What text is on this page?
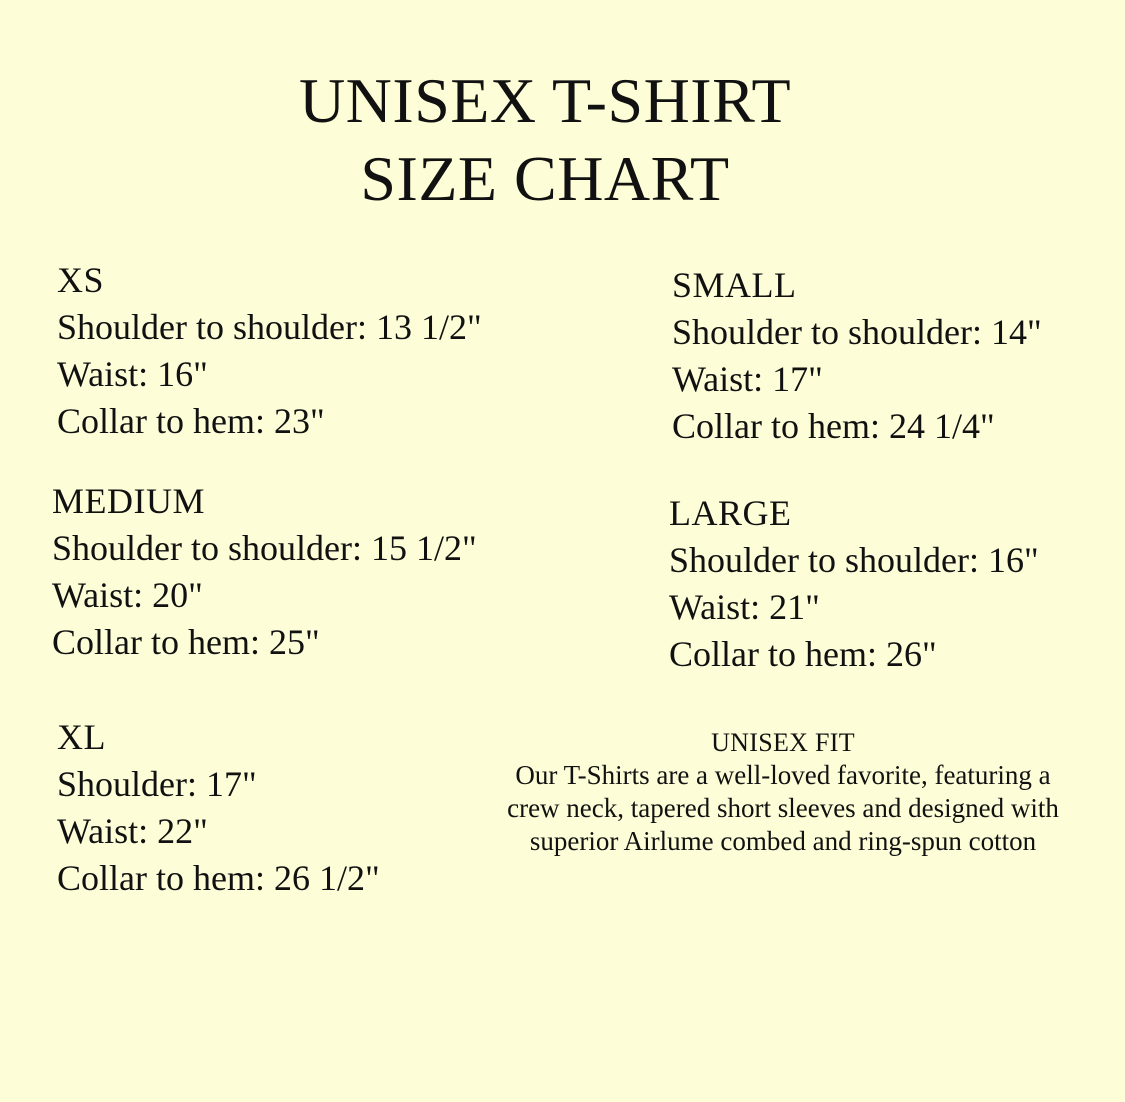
UNISEX T-SHIRT
SIZE CHART
XS
Shoulder to shoulder: 13 1/2"
Waist: 16"
Collar to hem: 23"
SMALL
Shoulder to shoulder: 14"
Waist: 17"
Collar to hem: 24 1/4"
MEDIUM
Shoulder to shoulder: 15 1/2"
Waist: 20"
Collar to hem: 25"
LARGE
Shoulder to shoulder: 16"
Waist: 21"
Collar to hem: 26"
XL
Shoulder: 17"
Waist: 22"
Collar to hem: 26 1/2"
UNISEX FIT
Our T-Shirts are a well-loved favorite, featuring a
crew neck, tapered short sleeves and designed with
superior Airlume combed and ring-spun cotton
